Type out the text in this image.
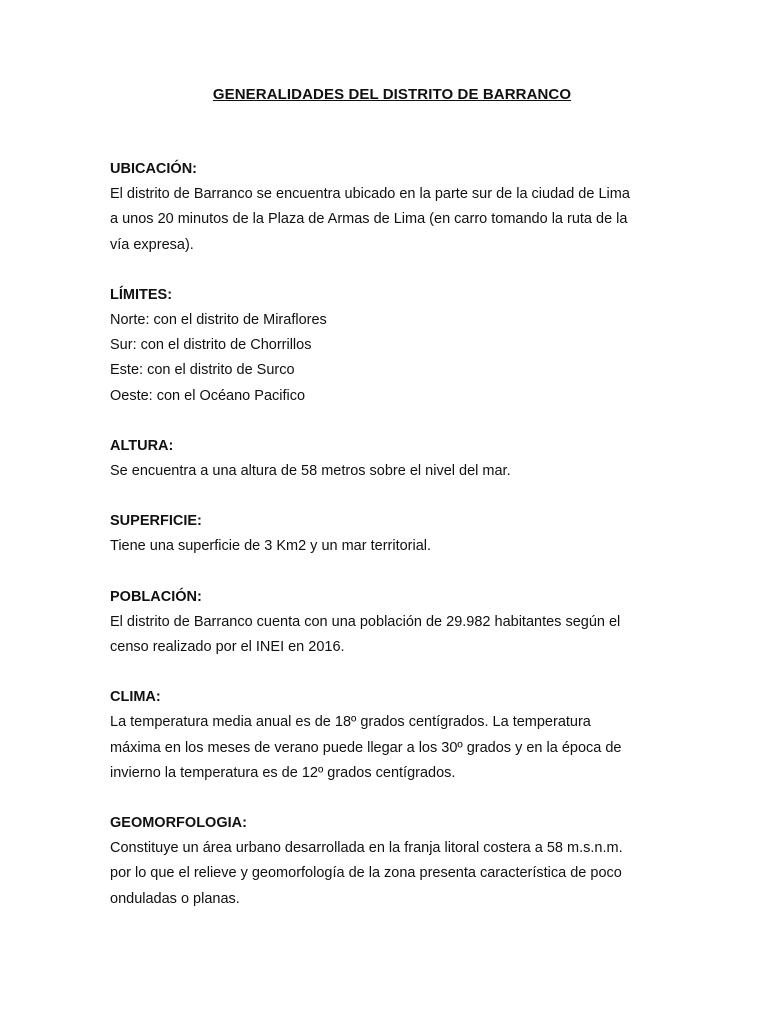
GENERALIDADES DEL DISTRITO DE BARRANCO
UBICACIÓN:
El distrito de Barranco se encuentra ubicado en la parte sur de la ciudad de Lima
a unos 20 minutos de la Plaza de Armas de Lima (en carro tomando la ruta de la
vía expresa).
LÍMITES:
Norte: con el distrito de Miraflores
Sur: con el distrito de Chorrillos
Este: con el distrito de Surco
Oeste: con el Océano Pacifico
ALTURA:
Se encuentra a una altura de 58 metros sobre el nivel del mar.
SUPERFICIE:
Tiene una superficie de 3 Km2 y un mar territorial.
POBLACIÓN:
El distrito de Barranco cuenta con una población de 29.982 habitantes según el
censo realizado por el INEI en 2016.
CLIMA:
La temperatura media anual es de 18º grados centígrados. La temperatura
máxima en los meses de verano puede llegar a los 30º grados y en la época de
invierno la temperatura es de 12º grados centígrados.
GEOMORFOLOGIA:
Constituye un área urbano desarrollada en la franja litoral costera a 58 m.s.n.m.
por lo que el relieve y geomorfología de la zona presenta característica de poco
onduladas o planas.
